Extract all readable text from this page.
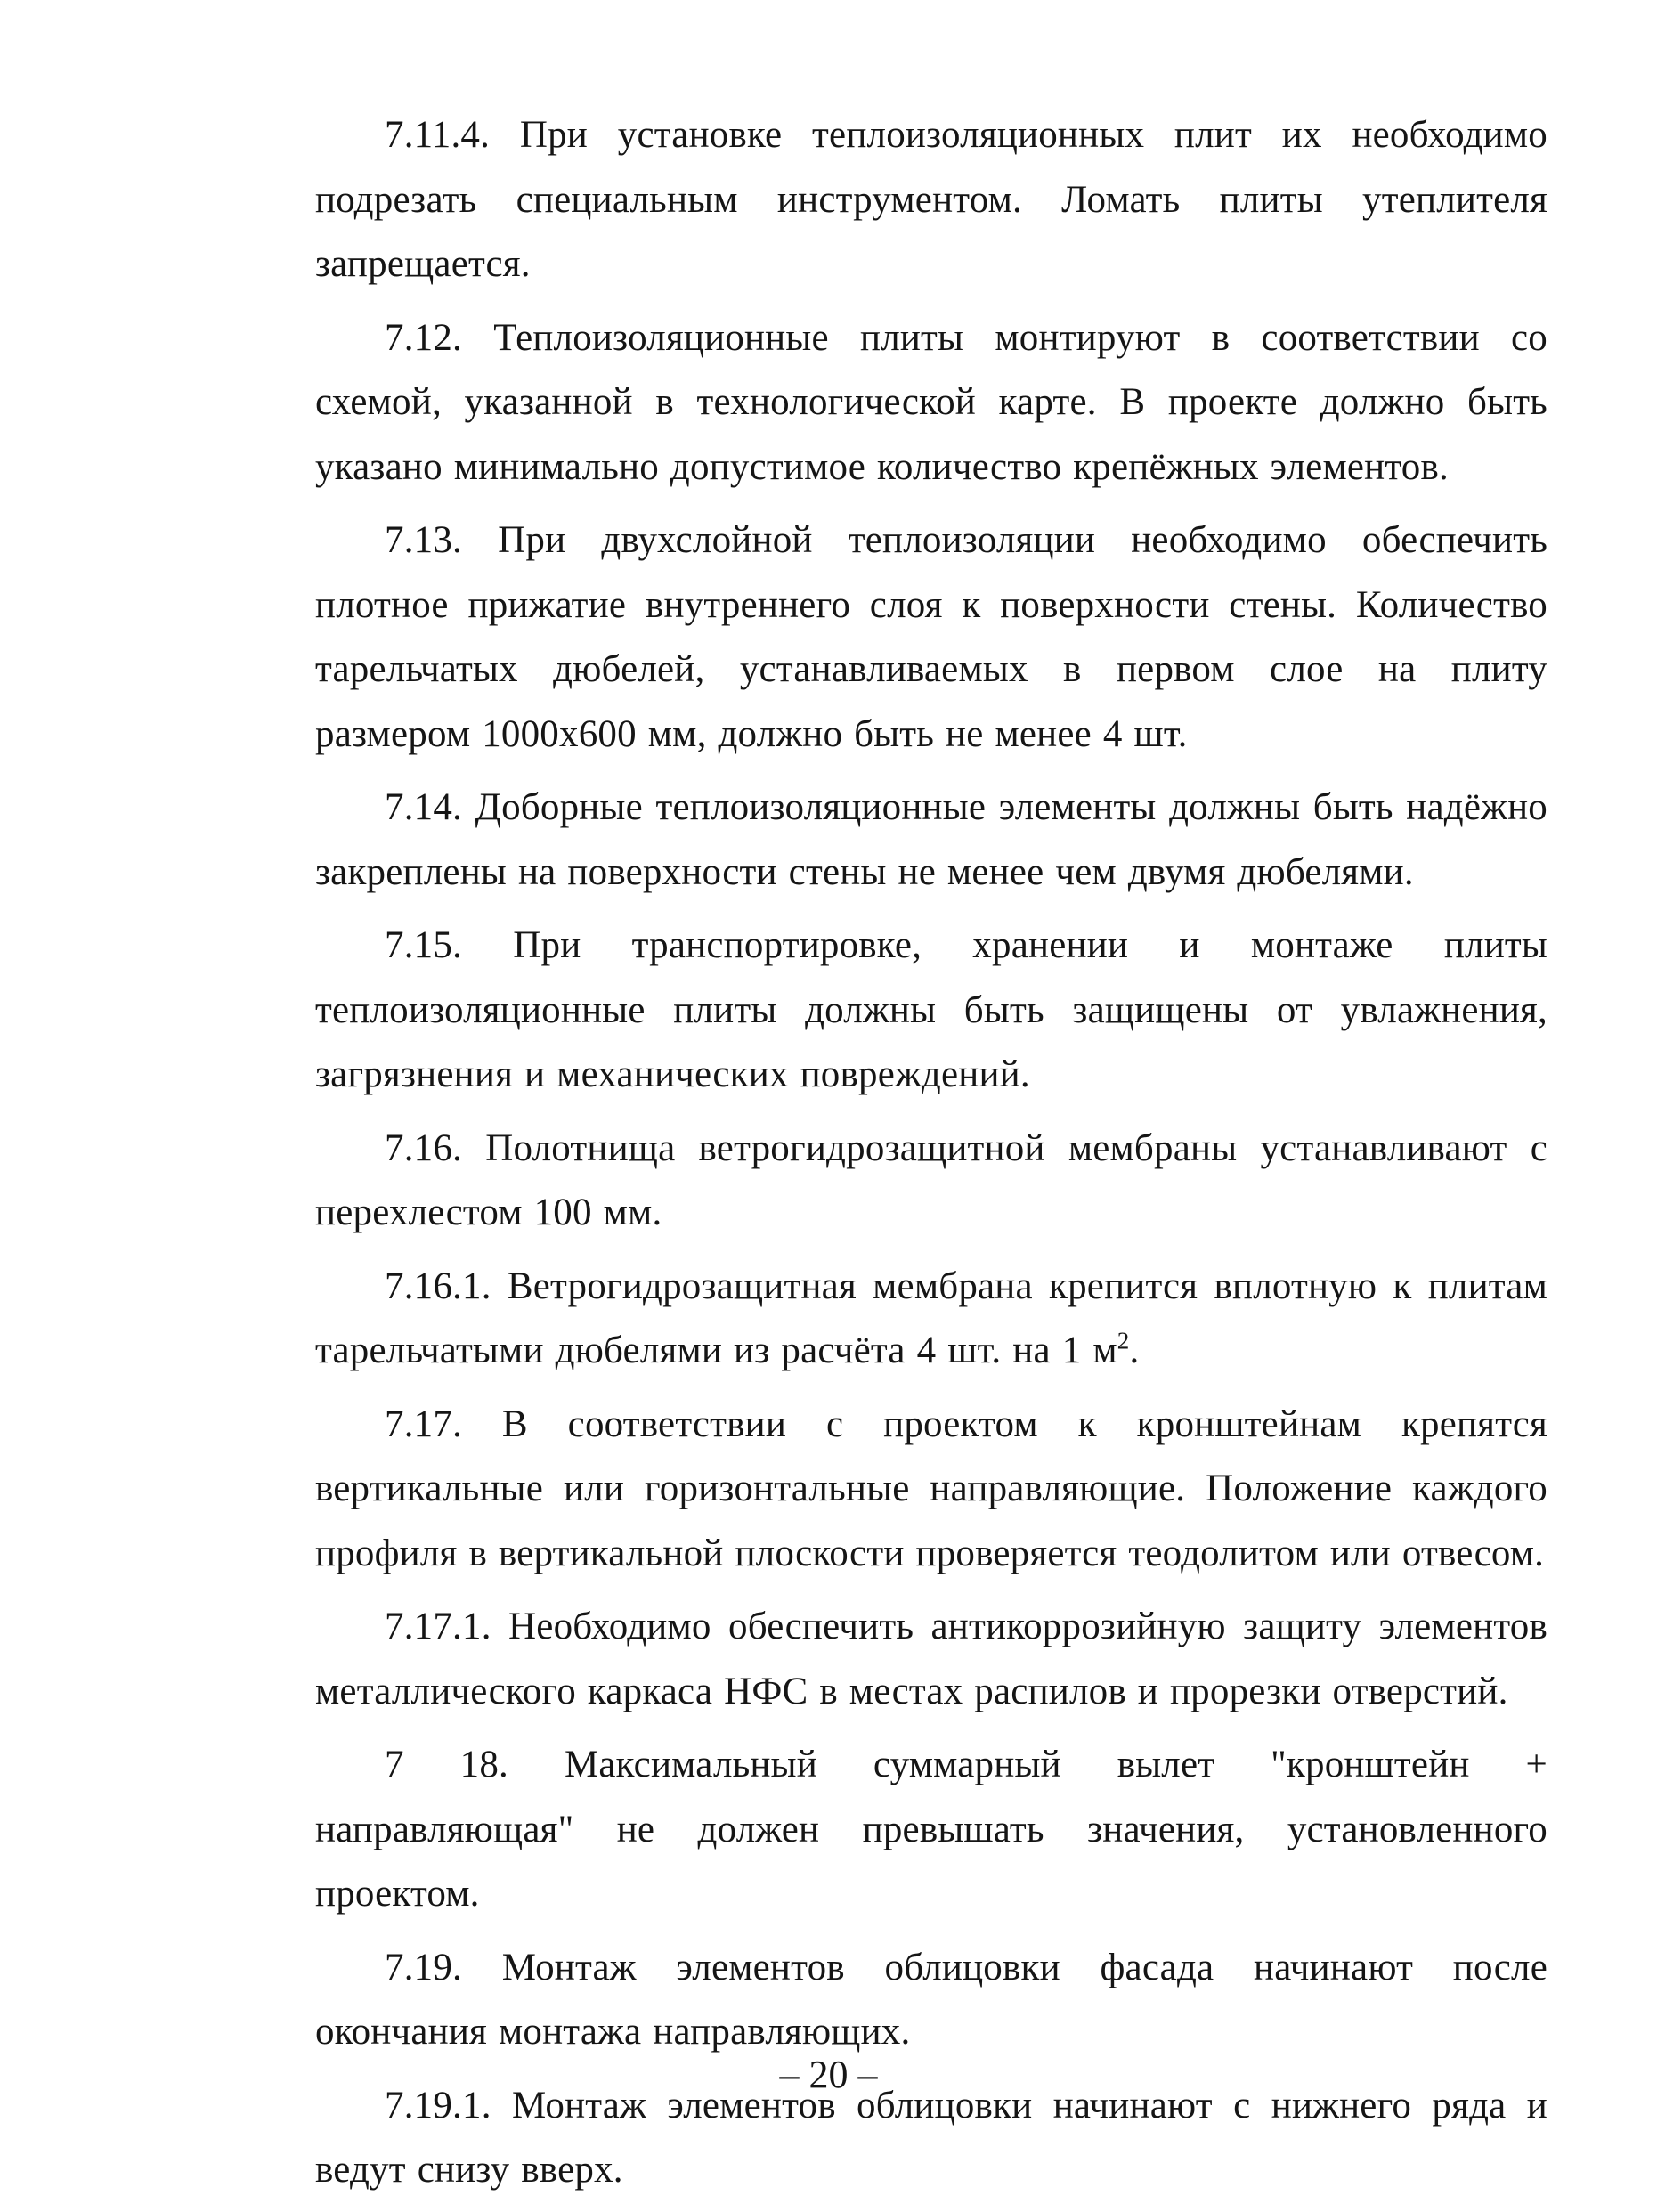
7.11.4. При установке теплоизоляционных плит их необходимо подрезать специальным инструментом. Ломать плиты утеплителя запрещается.

7.12. Теплоизоляционные плиты монтируют в соответствии со схемой, указанной в технологической карте. В проекте должно быть указано минимально допустимое количество крепёжных элементов.

7.13. При двухслойной теплоизоляции необходимо обеспечить плотное прижатие внутреннего слоя к поверхности стены. Количество тарельчатых дюбелей, устанавливаемых в первом слое на плиту размером 1000х600 мм, должно быть не менее 4 шт.

7.14. Доборные теплоизоляционные элементы должны быть надёжно закреплены на поверхности стены не менее чем двумя дюбелями.

7.15. При транспортировке, хранении и монтаже плиты теплоизоляционные плиты должны быть защищены от увлажнения, загрязнения и механических повреждений.

7.16. Полотнища ветрогидрозащитной мембраны устанавливают с перехлестом 100 мм.

7.16.1. Ветрогидрозащитная мембрана крепится вплотную к плитам тарельчатыми дюбелями из расчёта 4 шт. на 1 $м^2$.

7.17. В соответствии с проектом к кронштейнам крепятся вертикальные или горизонтальные направляющие. Положение каждого профиля в вертикальной плоскости проверяется теодолитом или отвесом.

7.17.1. Необходимо обеспечить антикоррозийную защиту элементов металлического каркаса НФС в местах распилов и прорезки отверстий.

7 18. Максимальный суммарный вылет "кронштейн + направляющая" не должен превышать значения, установленного проектом.

7.19. Монтаж элементов облицовки фасада начинают после окончания монтажа направляющих.

7.19.1. Монтаж элементов облицовки начинают с нижнего ряда и ведут снизу вверх.

– 20 –
